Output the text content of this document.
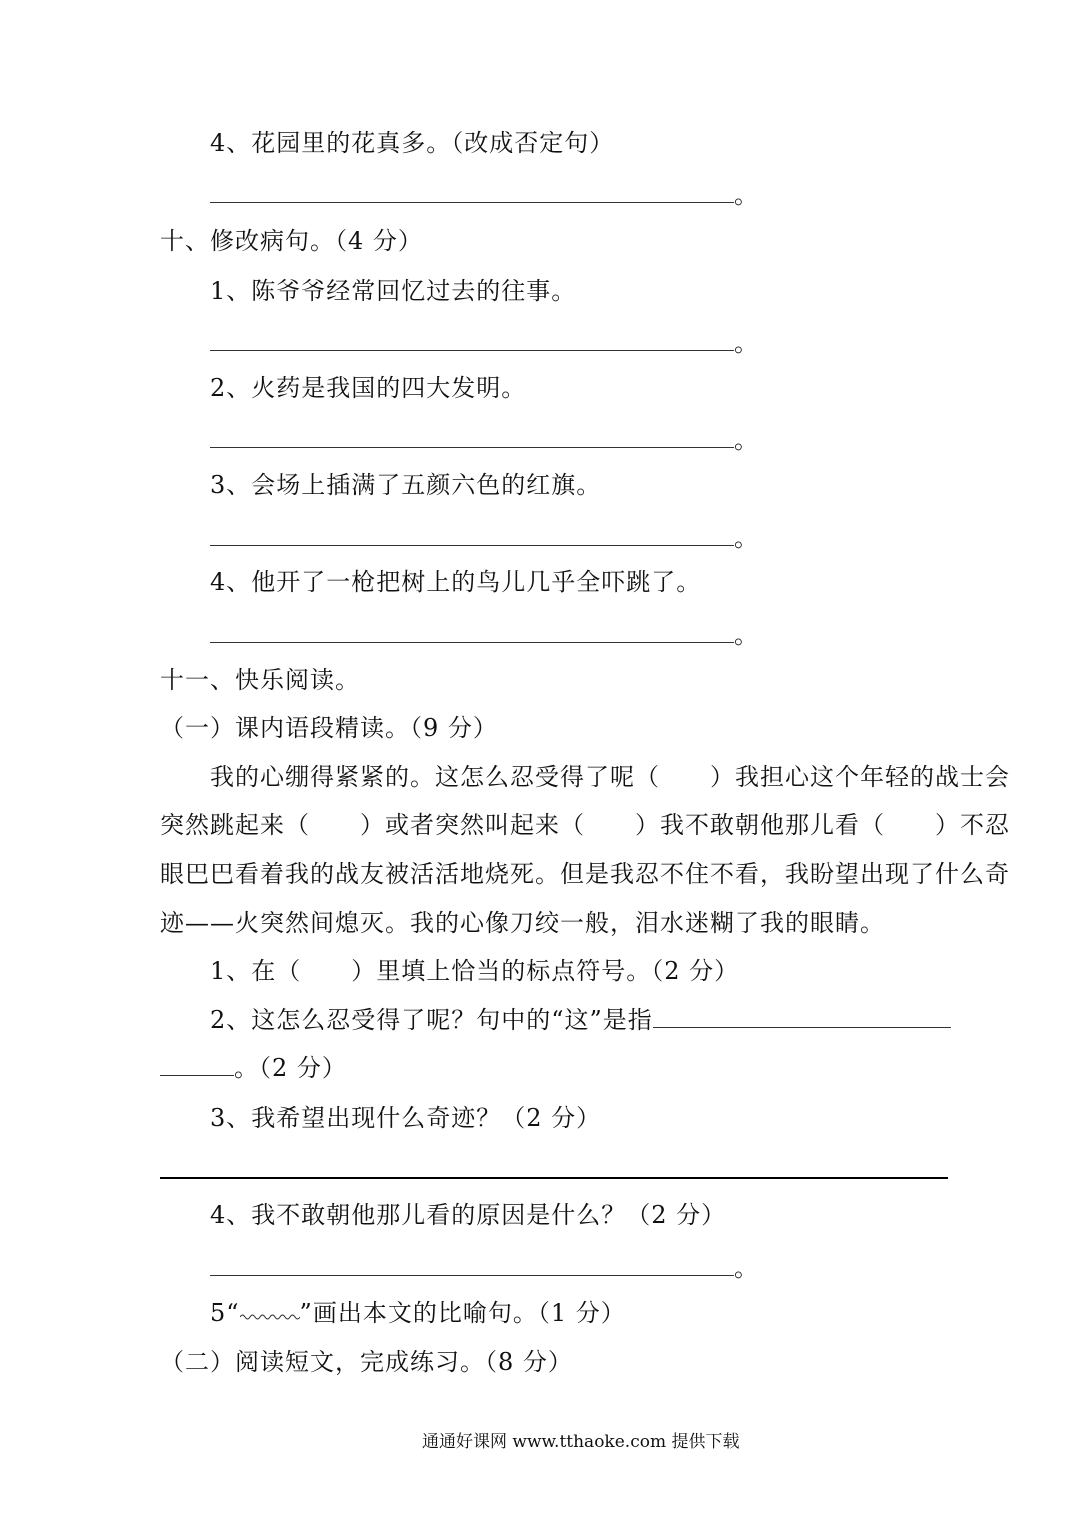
4、花园里的花真多。（改成否定句）
。
十、修改病句。（4 分）
1、陈爷爷经常回忆过去的往事。
。
2、火药是我国的四大发明。
。
3、会场上插满了五颜六色的红旗。
。
4、他开了一枪把树上的鸟儿几乎全吓跳了。
。
十一、快乐阅读。
（一）课内语段精读。（9 分）
我的心绷得紧紧的。这怎么忍受得了呢（　　）我担心这个年轻的战士会
突然跳起来（　　）或者突然叫起来（　　）我不敢朝他那儿看（　　）不忍
眼巴巴看着我的战友被活活地烧死。但是我忍不住不看，我盼望出现了什么奇
迹——火突然间熄灭。我的心像刀绞一般，泪水迷糊了我的眼睛。
1、在（　　）里填上恰当的标点符号。（2 分）
2、这怎么忍受得了呢？句中的“这”是指
。（2 分）
3、我希望出现什么奇迹？（2 分）
4、我不敢朝他那儿看的原因是什么？（2 分）
。
5“	”画出本文的比喻句。（1 分）
（二）阅读短文，完成练习。（8 分）
通通好课网 www.tthaoke.com 提供下载
